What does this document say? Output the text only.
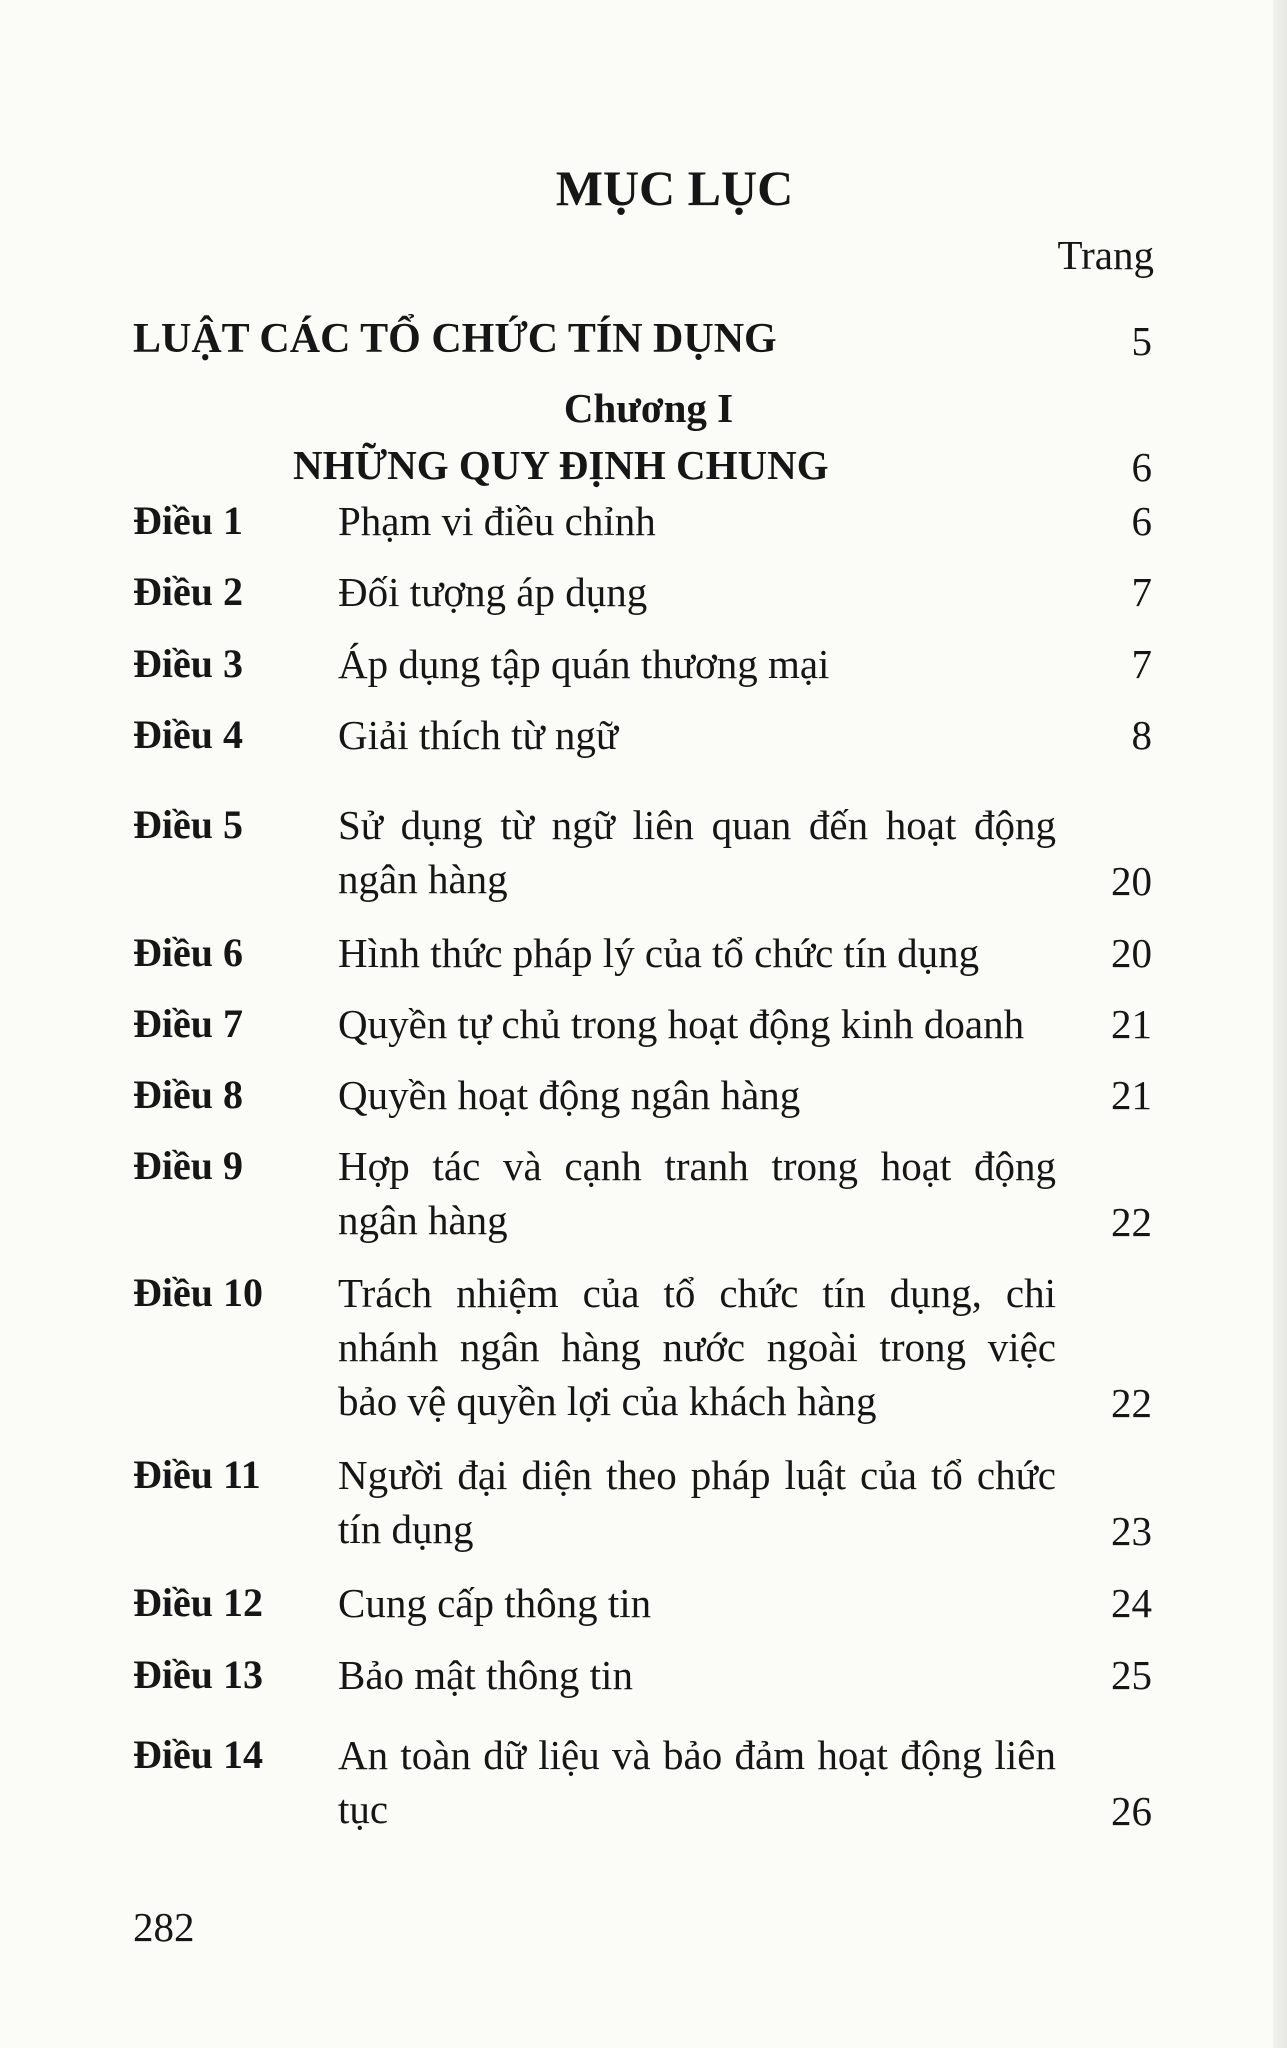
MỤC LỤC
Trang
LUẬT CÁC TỔ CHỨC TÍN DỤNG	5
Chương I
NHỮNG QUY ĐỊNH CHUNG	6
Điều 1 Phạm vi điều chỉnh	6
Điều 2 Đối tượng áp dụng	7
Điều 3 Áp dụng tập quán thương mại	7
Điều 4 Giải thích từ ngữ	8
Điều 5 Sử dụng từ ngữ liên quan đến hoạt động ngân hàng	20
Điều 6 Hình thức pháp lý của tổ chức tín dụng	20
Điều 7 Quyền tự chủ trong hoạt động kinh doanh	21
Điều 8 Quyền hoạt động ngân hàng	21
Điều 9 Hợp tác và cạnh tranh trong hoạt động ngân hàng	22
Điều 10 Trách nhiệm của tổ chức tín dụng, chi nhánh ngân hàng nước ngoài trong việc bảo vệ quyền lợi của khách hàng	22
Điều 11 Người đại diện theo pháp luật của tổ chức tín dụng	23
Điều 12 Cung cấp thông tin	24
Điều 13 Bảo mật thông tin	25
Điều 14 An toàn dữ liệu và bảo đảm hoạt động liên tục	26
282
